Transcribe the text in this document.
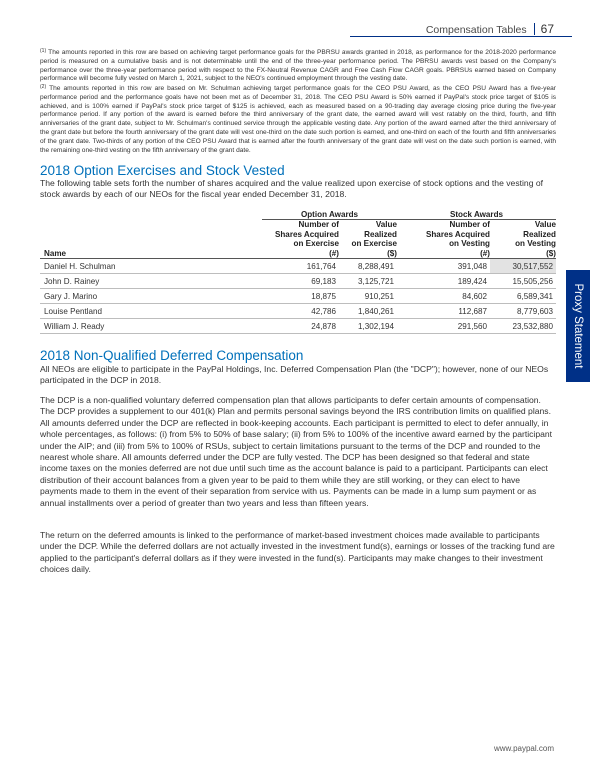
Compensation Tables 67

$^{(1)}$ The amounts reported in this row are based on achieving target performance goals for the PBRSU awards granted in 2018, as performance for the 2018-2020 performance period is measured on a cumulative basis and is not determinable until the end of the three-year performance period. The PBRSU awards vest based on the Company's performance over the three-year performance period with respect to the FX-Neutral Revenue CAGR and Free Cash Flow CAGR goals. PBRSUs earned based on Company performance will become fully vested on March 1, 2021, subject to the NEO's continued employment through the vesting date.

$^{(2)}$ The amounts reported in this row are based on Mr. Schulman achieving target performance goals for the CEO PSU Award, as the CEO PSU Award has a five-year performance period and the performance goals have not been met as of December 31, 2018. The CEO PSU Award is 50% earned if PayPal's stock price target of $105 is achieved, and is 100% earned if PayPal's stock price target of $125 is achieved, each as measured based on a 90-trading day average closing price during the five-year performance period. If any portion of the award is earned before the third anniversary of the grant date, the earned award will vest ratably on the third, fourth, and fifth anniversaries of the grant date, subject to Mr. Schulman's continued service through the applicable vesting date. Any portion of the award earned after the third anniversary of the grant date but before the fourth anniversary of the grant date will vest one-third on the date such portion is earned, and one-third on each of the fourth and fifth anniversaries of the grant date. Two-thirds of any portion of the CEO PSU Award that is earned after the fourth anniversary of the grant date will vest on the date such portion is earned, with the remaining one-third vesting on the fifth anniversary of the grant date.

2018 Option Exercises and Stock Vested

The following table sets forth the number of shares acquired and the value realized upon exercise of stock options and the vesting of stock awards by each of our NEOs for the fiscal year ended December 31, 2018.

	Option Awards		Stock Awards	
Name	Number of
Shares Acquired
on Exercise
(#)	Value
Realized
on Exercise
($)	Number of
Shares Acquired
on Vesting
(#)	Value
Realized
on Vesting
($)
Daniel H. Schulman	161,764	8,288,491	391,048	30,517,552
John D. Rainey	69,183	3,125,721	189,424	15,505,256
Gary J. Marino	18,875	910,251	84,602	6,589,341
Louise Pentland	42,786	1,840,261	112,687	8,779,603
William J. Ready	24,878	1,302,194	291,560	23,532,880
2018 Non-Qualified Deferred Compensation

All NEOs are eligible to participate in the PayPal Holdings, Inc. Deferred Compensation Plan (the "DCP"); however, none of our NEOs participated in the DCP in 2018.

The DCP is a non-qualified voluntary deferred compensation plan that allows participants to defer certain amounts of compensation. The DCP provides a supplement to our 401(k) Plan and permits personal savings beyond the IRS contribution limits on qualified plans. All amounts deferred under the DCP are reflected in book-keeping accounts. Each participant is permitted to elect to defer annually, in whole percentages, as follows: (i) from 5% to 50% of base salary; (ii) from 5% to 100% of the incentive award earned by the participant under the AIP; and (iii) from 5% to 100% of RSUs, subject to certain limitations pursuant to the terms of the DCP and rounded to the nearest whole share. All amounts deferred under the DCP are fully vested. The DCP has been designed so that federal and state income taxes on the monies deferred are not due until such time as the account balance is paid to a participant. Participants can elect distribution of their account balances from a given year to be paid to them while they are still working, or they can elect to have payments made to them in the event of their separation from service with us. Payments can be made in a lump sum payment or as annual installments over a period of greater than two years and less than fifteen years.

The return on the deferred amounts is linked to the performance of market-based investment choices made available to participants under the DCP. While the deferred dollars are not actually invested in the investment fund(s), earnings or losses of the tracking fund are applied to the participant's deferral dollars as if they were invested in the fund(s). Participants may make changes to their investment choices daily.

Proxy Statement
www.paypal.com
